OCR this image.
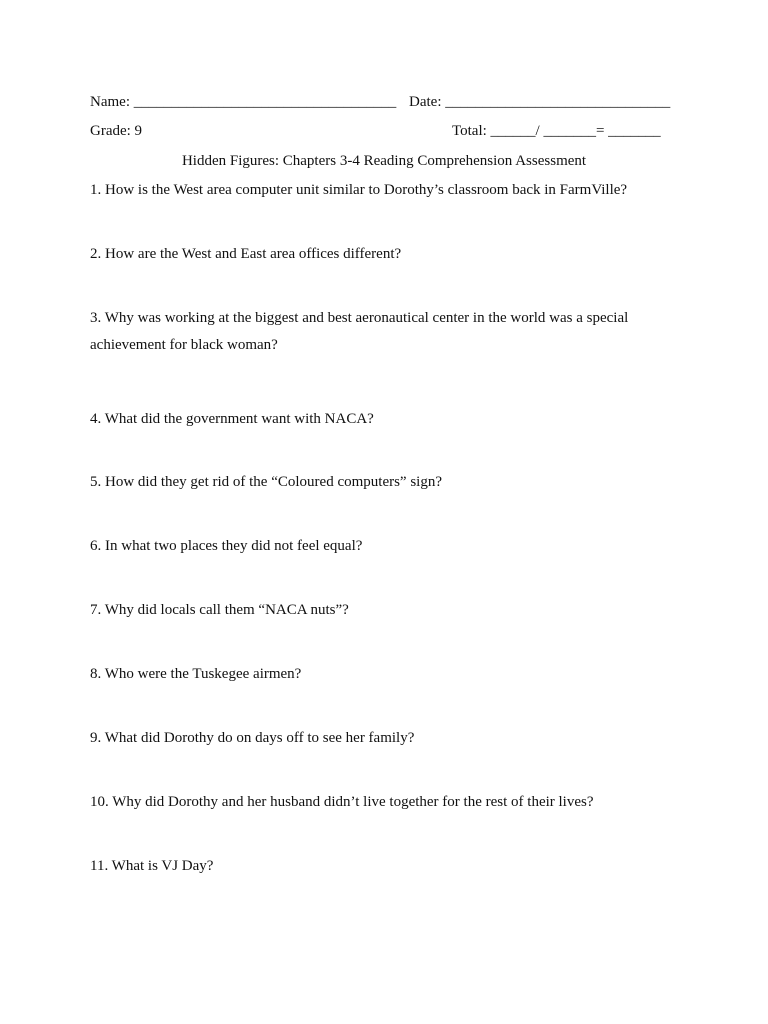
Name: ___________________________________ Date: ______________________________
Grade: 9	Total: ______/ _______= _______
Hidden Figures: Chapters 3-4 Reading Comprehension Assessment
1. How is the West area computer unit similar to Dorothy’s classroom back in FarmVille?
2. How are the West and East area offices different?
3. Why was working at the biggest and best aeronautical center in the world was a special achievement for black woman?
4. What did the government want with NACA?
5. How did they get rid of the “Coloured computers” sign?
6. In what two places they did not feel equal?
7. Why did locals call them “NACA nuts”?
8. Who were the Tuskegee airmen?
9. What did Dorothy do on days off to see her family?
10. Why did Dorothy and her husband didn’t live together for the rest of their lives?
11. What is VJ Day?
